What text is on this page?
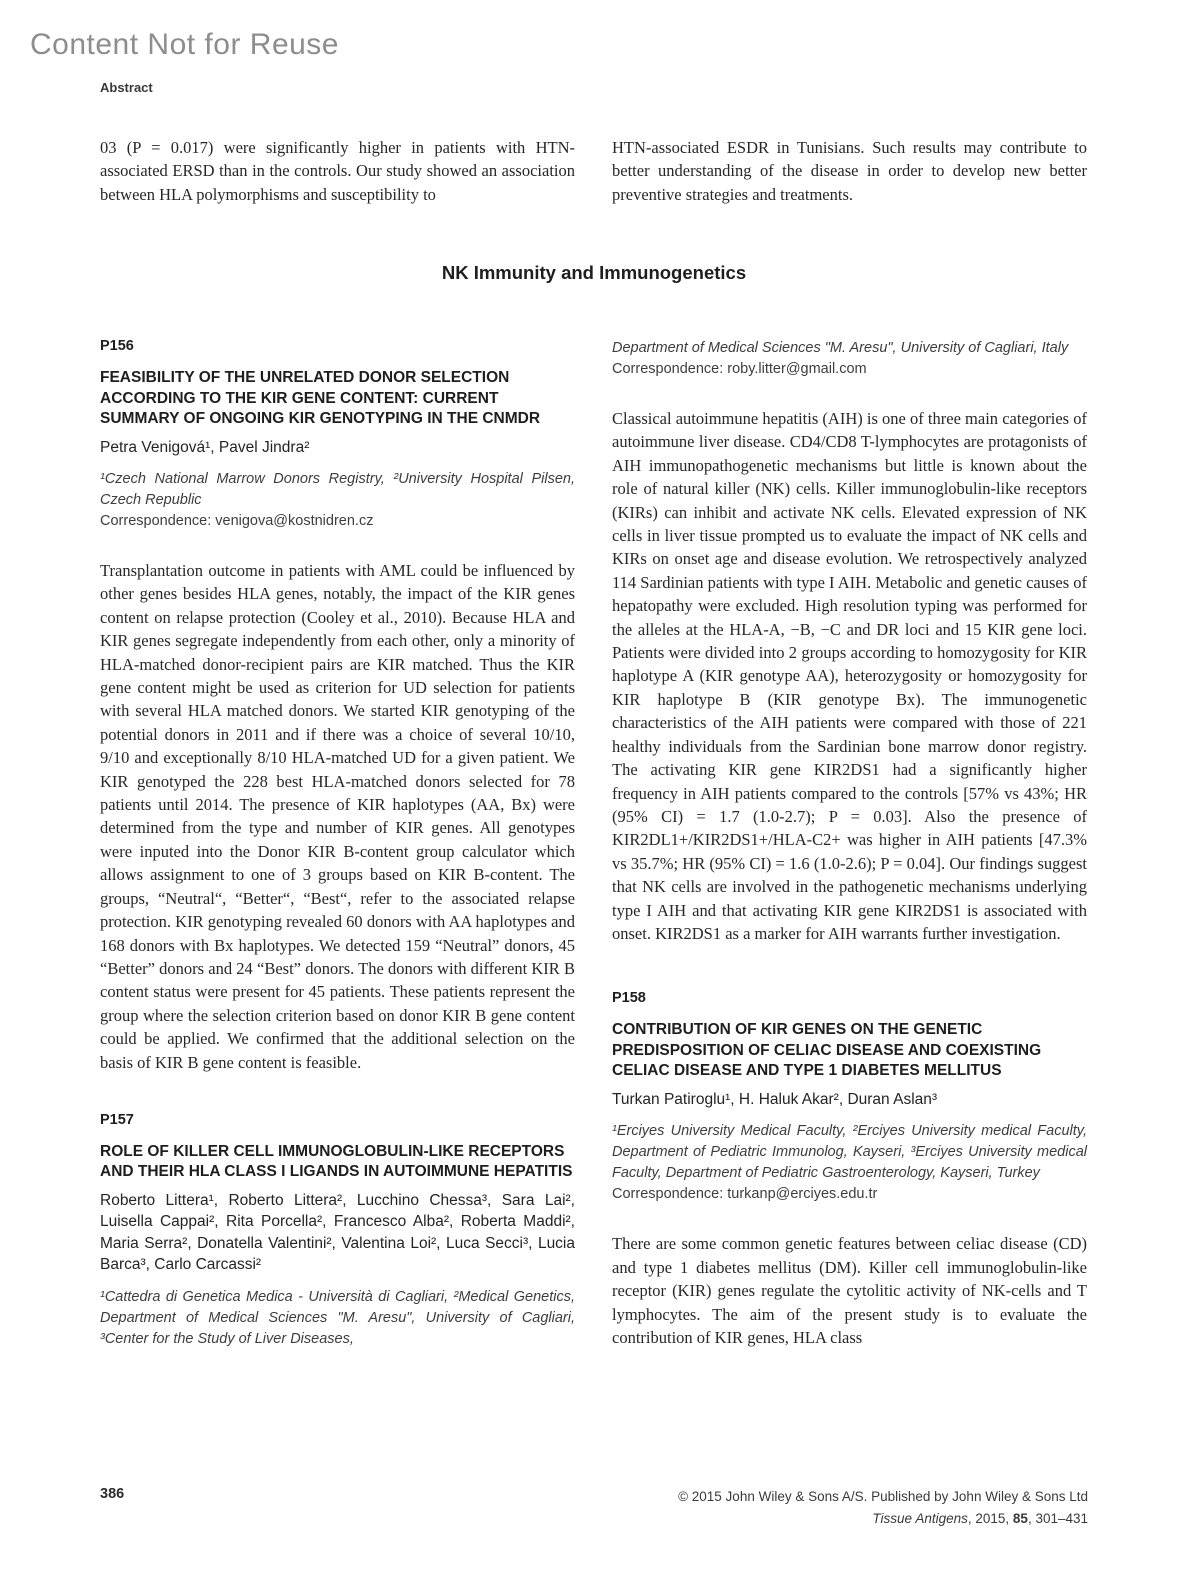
Content Not for Reuse
Abstract

03 (P = 0.017) were significantly higher in patients with HTN-associated ERSD than in the controls. Our study showed an association between HLA polymorphisms and susceptibility to

HTN-associated ESDR in Tunisians. Such results may contribute to better understanding of the disease in order to develop new better preventive strategies and treatments.

NK Immunity and Immunogenetics
P156
FEASIBILITY OF THE UNRELATED DONOR SELECTION ACCORDING TO THE KIR GENE CONTENT: CURRENT SUMMARY OF ONGOING KIR GENOTYPING IN THE CNMDR
Petra Venigová¹, Pavel Jindra²
¹Czech National Marrow Donors Registry, ²University Hospital Pilsen, Czech Republic
Correspondence: venigova@kostnidren.cz

Transplantation outcome in patients with AML could be influenced by other genes besides HLA genes, notably, the impact of the KIR genes content on relapse protection (Cooley et al., 2010). Because HLA and KIR genes segregate independently from each other, only a minority of HLA-matched donor-recipient pairs are KIR matched. Thus the KIR gene content might be used as criterion for UD selection for patients with several HLA matched donors. We started KIR genotyping of the potential donors in 2011 and if there was a choice of several 10/10, 9/10 and exceptionally 8/10 HLA-matched UD for a given patient. We KIR genotyped the 228 best HLA-matched donors selected for 78 patients until 2014. The presence of KIR haplotypes (AA, Bx) were determined from the type and number of KIR genes. All genotypes were inputed into the Donor KIR B-content group calculator which allows assignment to one of 3 groups based on KIR B-content. The groups, “Neutral“, “Better“, “Best“, refer to the associated relapse protection. KIR genotyping revealed 60 donors with AA haplotypes and 168 donors with Bx haplotypes. We detected 159 “Neutral” donors, 45 “Better” donors and 24 “Best” donors. The donors with different KIR B content status were present for 45 patients. These patients represent the group where the selection criterion based on donor KIR B gene content could be applied. We confirmed that the additional selection on the basis of KIR B gene content is feasible.

P157
ROLE OF KILLER CELL IMMUNOGLOBULIN-LIKE RECEPTORS AND THEIR HLA CLASS I LIGANDS IN AUTOIMMUNE HEPATITIS
Roberto Littera¹, Roberto Littera², Lucchino Chessa³, Sara Lai², Luisella Cappai², Rita Porcella², Francesco Alba², Roberta Maddi², Maria Serra², Donatella Valentini², Valentina Loi², Luca Secci³, Lucia Barca³, Carlo Carcassi²
¹Cattedra di Genetica Medica - Università di Cagliari, ²Medical Genetics, Department of Medical Sciences "M. Aresu", University of Cagliari, ³Center for the Study of Liver Diseases,
Department of Medical Sciences "M. Aresu", University of Cagliari, Italy
Correspondence: roby.litter@gmail.com

Classical autoimmune hepatitis (AIH) is one of three main categories of autoimmune liver disease. CD4/CD8 T-lymphocytes are protagonists of AIH immunopathogenetic mechanisms but little is known about the role of natural killer (NK) cells. Killer immunoglobulin-like receptors (KIRs) can inhibit and activate NK cells. Elevated expression of NK cells in liver tissue prompted us to evaluate the impact of NK cells and KIRs on onset age and disease evolution. We retrospectively analyzed 114 Sardinian patients with type I AIH. Metabolic and genetic causes of hepatopathy were excluded. High resolution typing was performed for the alleles at the HLA-A, −B, −C and DR loci and 15 KIR gene loci. Patients were divided into 2 groups according to homozygosity for KIR haplotype A (KIR genotype AA), heterozygosity or homozygosity for KIR haplotype B (KIR genotype Bx). The immunogenetic characteristics of the AIH patients were compared with those of 221 healthy individuals from the Sardinian bone marrow donor registry. The activating KIR gene KIR2DS1 had a significantly higher frequency in AIH patients compared to the controls [57% vs 43%; HR (95% CI) = 1.7 (1.0-2.7); P = 0.03]. Also the presence of KIR2DL1+/KIR2DS1+/HLA-C2+ was higher in AIH patients [47.3% vs 35.7%; HR (95% CI) = 1.6 (1.0-2.6); P = 0.04]. Our findings suggest that NK cells are involved in the pathogenetic mechanisms underlying type I AIH and that activating KIR gene KIR2DS1 is associated with onset. KIR2DS1 as a marker for AIH warrants further investigation.

P158
CONTRIBUTION OF KIR GENES ON THE GENETIC PREDISPOSITION OF CELIAC DISEASE AND COEXISTING CELIAC DISEASE AND TYPE 1 DIABETES MELLITUS
Turkan Patiroglu¹, H. Haluk Akar², Duran Aslan³
¹Erciyes University Medical Faculty, ²Erciyes University medical Faculty, Department of Pediatric Immunolog, Kayseri, ³Erciyes University medical Faculty, Department of Pediatric Gastroenterology, Kayseri, Turkey
Correspondence: turkanp@erciyes.edu.tr

There are some common genetic features between celiac disease (CD) and type 1 diabetes mellitus (DM). Killer cell immunoglobulin-like receptor (KIR) genes regulate the cytolitic activity of NK-cells and T lymphocytes. The aim of the present study is to evaluate the contribution of KIR genes, HLA class

386	© 2015 John Wiley & Sons A/S. Published by John Wiley & Sons Ltd
Tissue Antigens, 2015, 85, 301–431
